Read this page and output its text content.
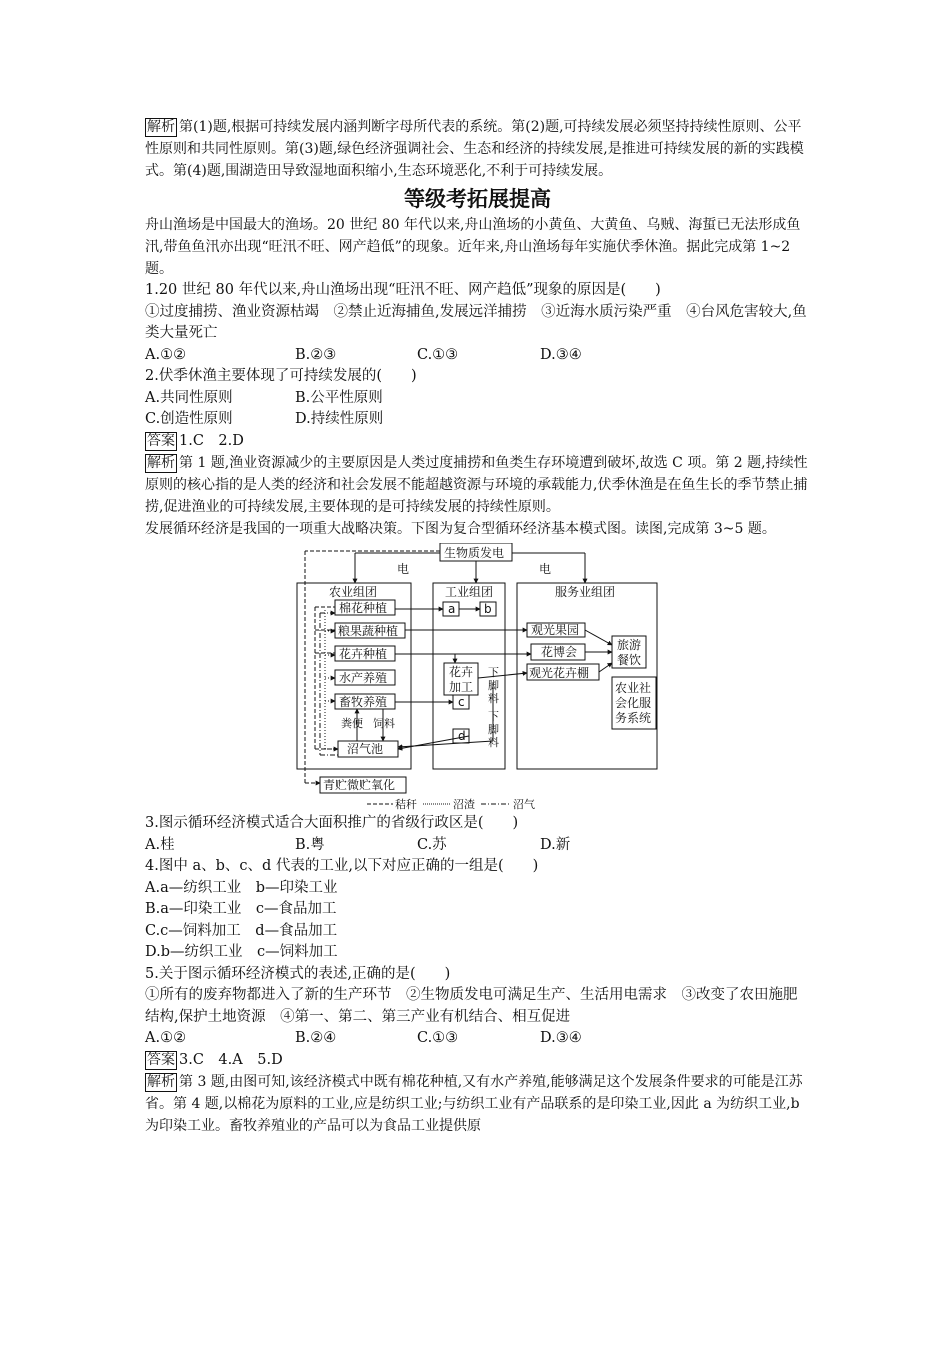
解析 第(1)题,根据可持续发展内涵判断字母所代表的系统。第(2)题,可持续发展必须坚持持续性原则、公平性原则和共同性原则。第(3)题,绿色经济强调社会、生态和经济的持续发展,是推进可持续发展的新的实践模式。第(4)题,围湖造田导致湿地面积缩小,生态环境恶化,不利于可持续发展。

等级考拓展提高

舟山渔场是中国最大的渔场。20 世纪 80 年代以来,舟山渔场的小黄鱼、大黄鱼、乌贼、海蜇已无法形成鱼汛,带鱼鱼汛亦出现“旺汛不旺、网产趋低”的现象。近年来,舟山渔场每年实施伏季休渔。据此完成第 1~2 题。

1.20 世纪 80 年代以来,舟山渔场出现“旺汛不旺、网产趋低”现象的原因是(　　)

①过度捕捞、渔业资源枯竭　②禁止近海捕鱼,发展远洋捕捞　③近海水质污染严重　④台风危害较大,鱼类大量死亡

A.①②	B.②③	C.①③	D.③④

2.伏季休渔主要体现了可持续发展的(　　)

A.共同性原则	B.公平性原则
C.创造性原则	D.持续性原则

答案 1.C　2.D

解析 第 1 题,渔业资源减少的主要原因是人类过度捕捞和鱼类生存环境遭到破坏,故选 C 项。第 2 题,持续性原则的核心指的是人类的经济和社会发展不能超越资源与环境的承载能力,伏季休渔是在鱼生长的季节禁止捕捞,促进渔业的可持续发展,主要体现的是可持续发展的持续性原则。

发展循环经济是我国的一项重大战略决策。下图为复合型循环经济基本模式图。读图,完成第 3~5 题。

生物质发电
电	电
农业组团	工业组团	服务业组团
棉花种植
粮果蔬种植
花卉种植
水产养殖
畜牧养殖
沼气池
青贮微贮氧化
a b
c
d
花卉
加工
观光果园
花博会
观光花卉棚
旅游
餐饮
农业社
会化服
务系统
下
脚
料
下
脚
料
粪便 饲料
秸秆	沼渣	沼气

3.图示循环经济模式适合大面积推广的省级行政区是(　　)

A.桂	B.粤	C.苏	D.新

4.图中 a、b、c、d 代表的工业,以下对应正确的一组是(　　)

A.a—纺织工业　b—印染工业

B.a—印染工业　c—食品加工

C.c—饲料加工　d—食品加工

D.b—纺织工业　c—饲料加工

5.关于图示循环经济模式的表述,正确的是(　　)

①所有的废弃物都进入了新的生产环节　②生物质发电可满足生产、生活用电需求　③改变了农田施肥结构,保护土地资源　④第一、第二、第三产业有机结合、相互促进

A.①②	B.②④	C.①③	D.③④

答案 3.C　4.A　5.D

解析 第 3 题,由图可知,该经济模式中既有棉花种植,又有水产养殖,能够满足这个发展条件要求的可能是江苏省。第 4 题,以棉花为原料的工业,应是纺织工业;与纺织工业有产品联系的是印染工业,因此 a 为纺织工业,b 为印染工业。畜牧养殖业的产品可以为食品工业提供原
